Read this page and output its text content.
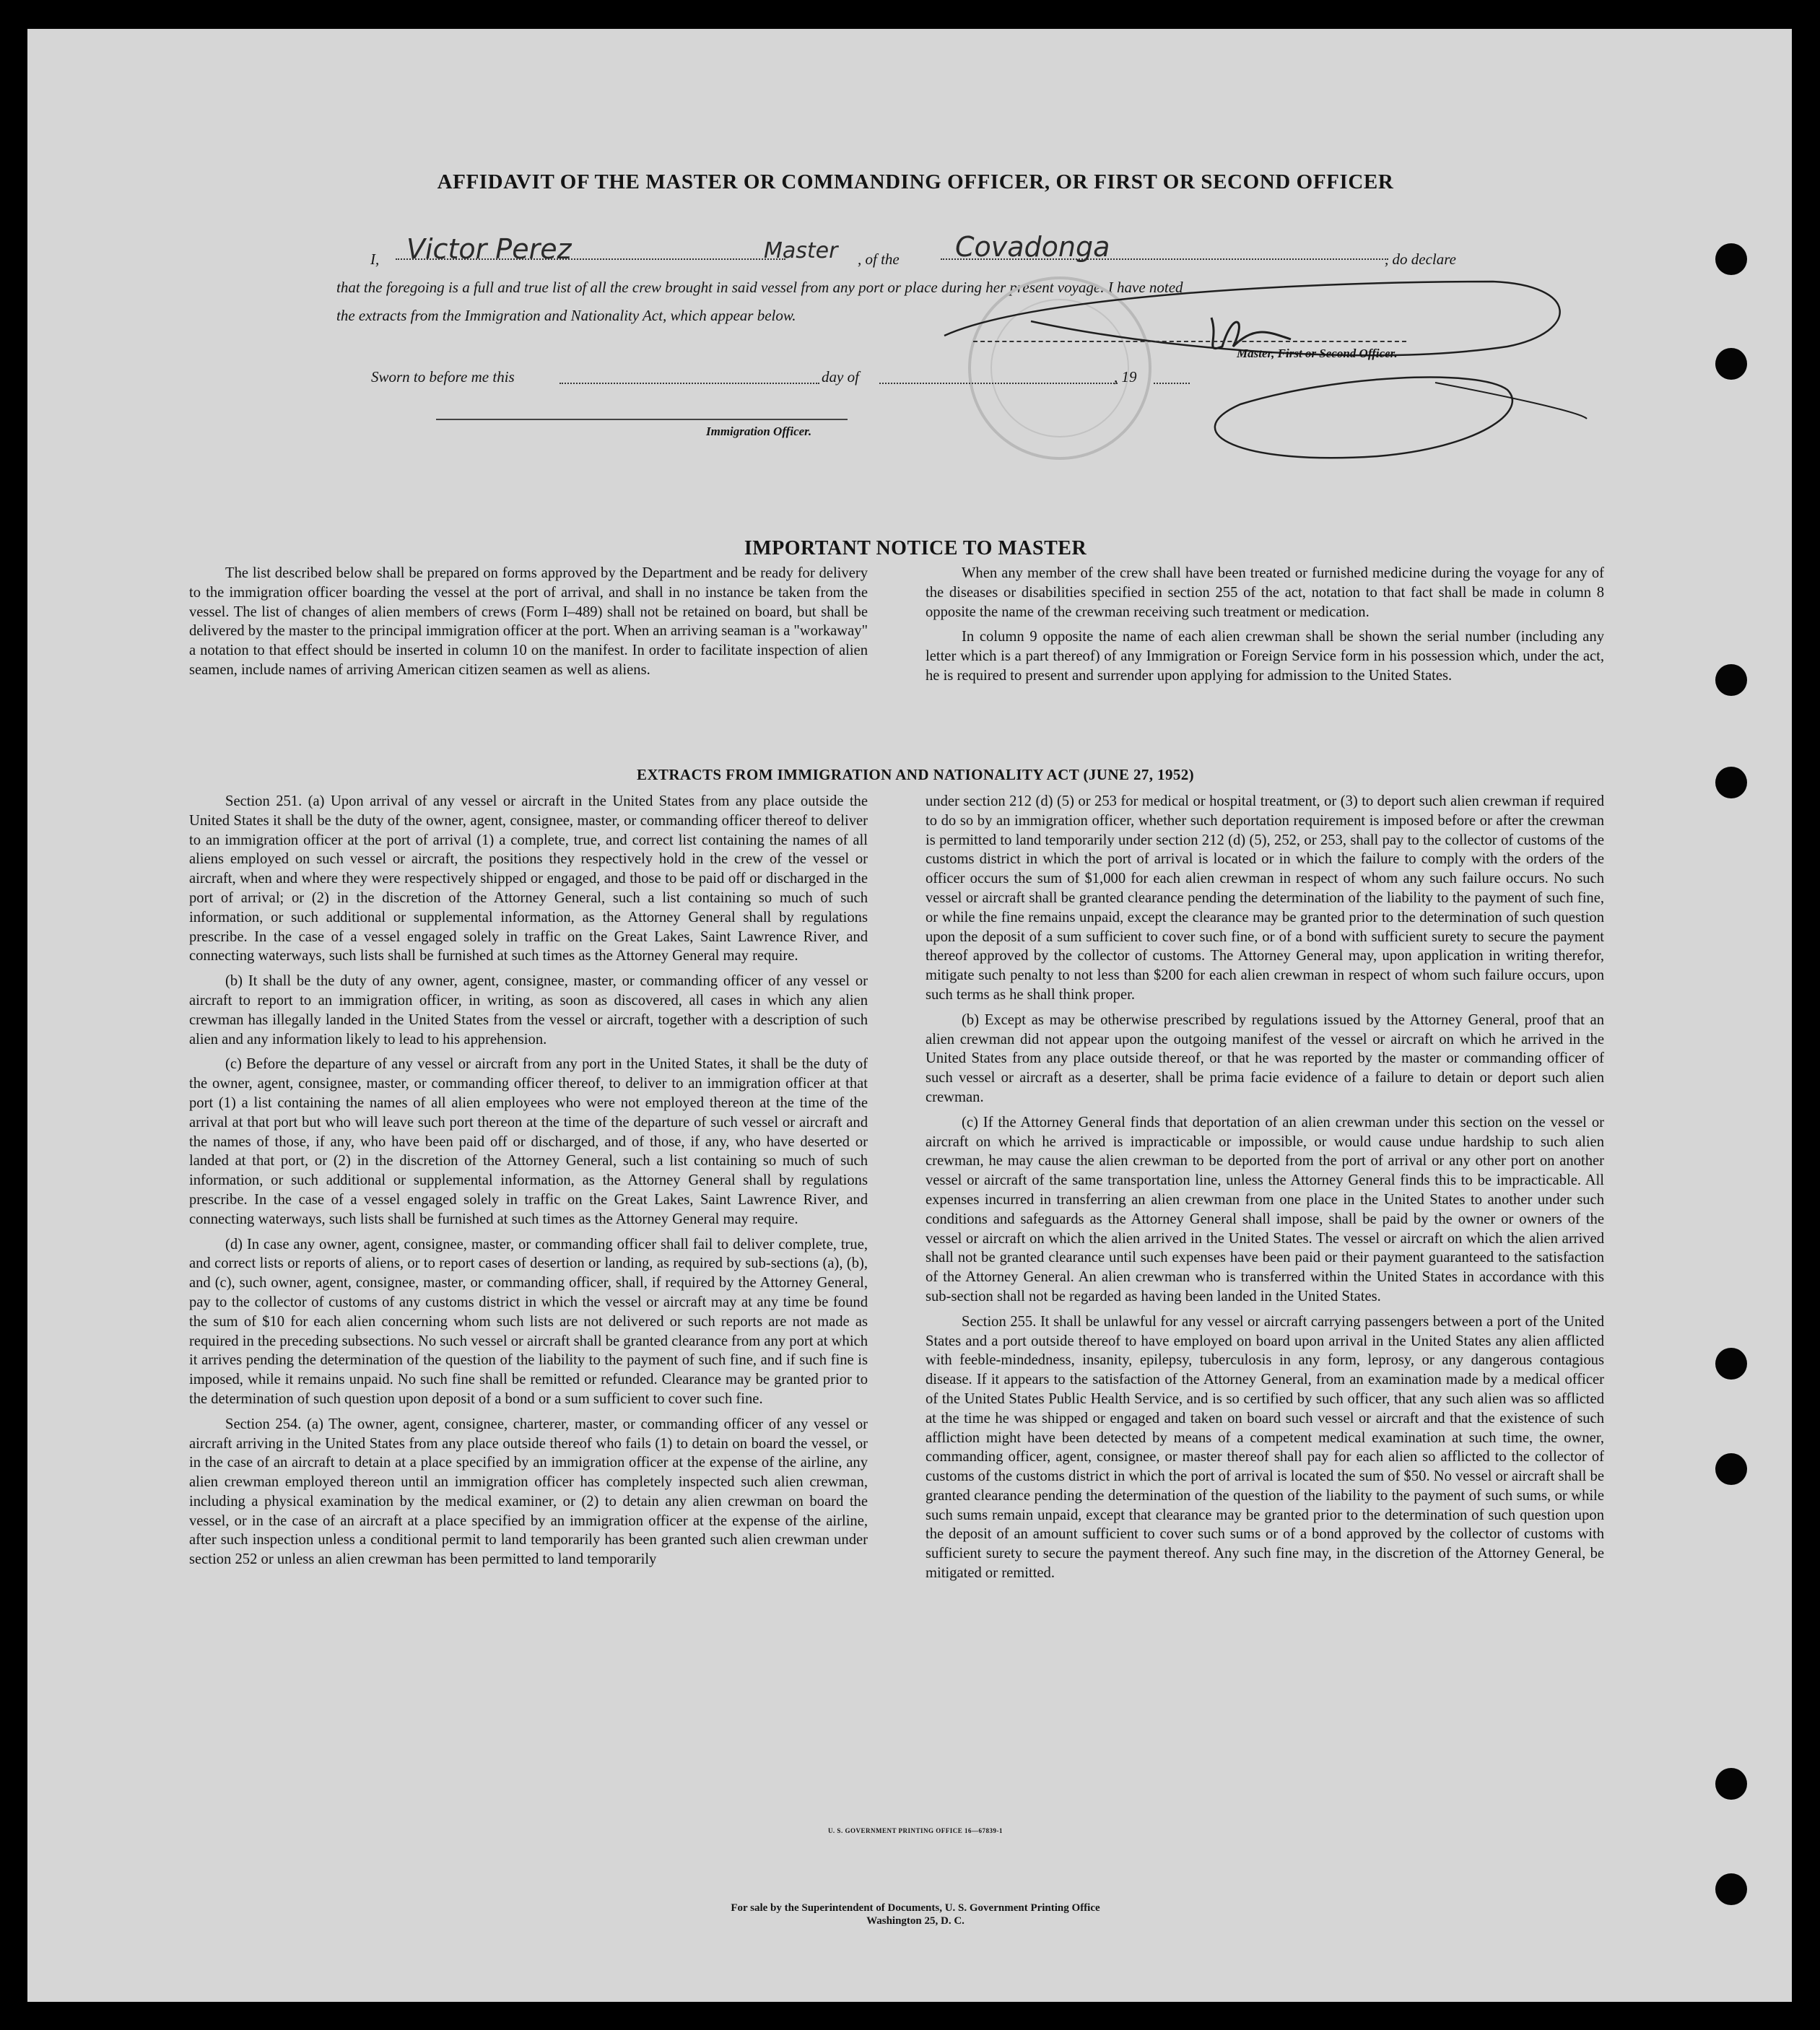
AFFIDAVIT OF THE MASTER OR COMMANDING OFFICER, OR FIRST OR SECOND OFFICER
I, Victor Perez	Master , of the Covadonga	, do declare
that the foregoing is a full and true list of all the crew brought in said vessel from any port or place during her present voyage. I have noted
the extracts from the Immigration and Nationality Act, which appear below.
Master, First or Second Officer.
Sworn to before me this	day of	, 19
Immigration Officer.
IMPORTANT NOTICE TO MASTER

The list described below shall be prepared on forms approved by the Department and be ready for delivery to the immigration officer boarding the vessel at the port of arrival, and shall in no instance be taken from the vessel. The list of changes of alien members of crews (Form I–489) shall not be retained on board, but shall be delivered by the master to the principal immigration officer at the port. When an arriving seaman is a "workaway" a notation to that effect should be inserted in column 10 on the manifest. In order to facilitate inspection of alien seamen, include names of arriving American citizen seamen as well as aliens.

When any member of the crew shall have been treated or furnished medicine during the voyage for any of the diseases or disabilities specified in section 255 of the act, notation to that fact shall be made in column 8 opposite the name of the crewman receiving such treatment or medication.

In column 9 opposite the name of each alien crewman shall be shown the serial number (including any letter which is a part thereof) of any Immigration or Foreign Service form in his possession which, under the act, he is required to present and surrender upon applying for admission to the United States.

EXTRACTS FROM IMMIGRATION AND NATIONALITY ACT (JUNE 27, 1952)

Section 251. (a) Upon arrival of any vessel or aircraft in the United States from any place outside the United States it shall be the duty of the owner, agent, consignee, master, or commanding officer thereof to deliver to an immigration officer at the port of arrival (1) a complete, true, and correct list containing the names of all aliens employed on such vessel or aircraft, the positions they respectively hold in the crew of the vessel or aircraft, when and where they were respectively shipped or engaged, and those to be paid off or discharged in the port of arrival; or (2) in the discretion of the Attorney General, such a list containing so much of such information, or such additional or supplemental information, as the Attorney General shall by regulations prescribe. In the case of a vessel engaged solely in traffic on the Great Lakes, Saint Lawrence River, and connecting waterways, such lists shall be furnished at such times as the Attorney General may require.

(b) It shall be the duty of any owner, agent, consignee, master, or commanding officer of any vessel or aircraft to report to an immigration officer, in writing, as soon as discovered, all cases in which any alien crewman has illegally landed in the United States from the vessel or aircraft, together with a description of such alien and any information likely to lead to his apprehension.

(c) Before the departure of any vessel or aircraft from any port in the United States, it shall be the duty of the owner, agent, consignee, master, or commanding officer thereof, to deliver to an immigration officer at that port (1) a list containing the names of all alien employees who were not employed thereon at the time of the arrival at that port but who will leave such port thereon at the time of the departure of such vessel or aircraft and the names of those, if any, who have been paid off or discharged, and of those, if any, who have deserted or landed at that port, or (2) in the discretion of the Attorney General, such a list containing so much of such information, or such additional or supplemental information, as the Attorney General shall by regulations prescribe. In the case of a vessel engaged solely in traffic on the Great Lakes, Saint Lawrence River, and connecting waterways, such lists shall be furnished at such times as the Attorney General may require.

(d) In case any owner, agent, consignee, master, or commanding officer shall fail to deliver complete, true, and correct lists or reports of aliens, or to report cases of desertion or landing, as required by sub-sections (a), (b), and (c), such owner, agent, consignee, master, or commanding officer, shall, if required by the Attorney General, pay to the collector of customs of any customs district in which the vessel or aircraft may at any time be found the sum of $10 for each alien concerning whom such lists are not delivered or such reports are not made as required in the preceding subsections. No such vessel or aircraft shall be granted clearance from any port at which it arrives pending the determination of the question of the liability to the payment of such fine, and if such fine is imposed, while it remains unpaid. No such fine shall be remitted or refunded. Clearance may be granted prior to the determination of such question upon deposit of a bond or a sum sufficient to cover such fine.

Section 254. (a) The owner, agent, consignee, charterer, master, or commanding officer of any vessel or aircraft arriving in the United States from any place outside thereof who fails (1) to detain on board the vessel, or in the case of an aircraft to detain at a place specified by an immigration officer at the expense of the airline, any alien crewman employed thereon until an immigration officer has completely inspected such alien crewman, including a physical examination by the medical examiner, or (2) to detain any alien crewman on board the vessel, or in the case of an aircraft at a place specified by an immigration officer at the expense of the airline, after such inspection unless a conditional permit to land temporarily has been granted such alien crewman under section 252 or unless an alien crewman has been permitted to land temporarily

under section 212 (d) (5) or 253 for medical or hospital treatment, or (3) to deport such alien crewman if required to do so by an immigration officer, whether such deportation requirement is imposed before or after the crewman is permitted to land temporarily under section 212 (d) (5), 252, or 253, shall pay to the collector of customs of the customs district in which the port of arrival is located or in which the failure to comply with the orders of the officer occurs the sum of $1,000 for each alien crewman in respect of whom any such failure occurs. No such vessel or aircraft shall be granted clearance pending the determination of the liability to the payment of such fine, or while the fine remains unpaid, except the clearance may be granted prior to the determination of such question upon the deposit of a sum sufficient to cover such fine, or of a bond with sufficient surety to secure the payment thereof approved by the collector of customs. The Attorney General may, upon application in writing therefor, mitigate such penalty to not less than $200 for each alien crewman in respect of whom such failure occurs, upon such terms as he shall think proper.

(b) Except as may be otherwise prescribed by regulations issued by the Attorney General, proof that an alien crewman did not appear upon the outgoing manifest of the vessel or aircraft on which he arrived in the United States from any place outside thereof, or that he was reported by the master or commanding officer of such vessel or aircraft as a deserter, shall be prima facie evidence of a failure to detain or deport such alien crewman.

(c) If the Attorney General finds that deportation of an alien crewman under this section on the vessel or aircraft on which he arrived is impracticable or impossible, or would cause undue hardship to such alien crewman, he may cause the alien crewman to be deported from the port of arrival or any other port on another vessel or aircraft of the same transportation line, unless the Attorney General finds this to be impracticable. All expenses incurred in transferring an alien crewman from one place in the United States to another under such conditions and safeguards as the Attorney General shall impose, shall be paid by the owner or owners of the vessel or aircraft on which the alien arrived in the United States. The vessel or aircraft on which the alien arrived shall not be granted clearance until such expenses have been paid or their payment guaranteed to the satisfaction of the Attorney General. An alien crewman who is transferred within the United States in accordance with this sub-section shall not be regarded as having been landed in the United States.

Section 255. It shall be unlawful for any vessel or aircraft carrying passengers between a port of the United States and a port outside thereof to have employed on board upon arrival in the United States any alien afflicted with feeble-mindedness, insanity, epilepsy, tuberculosis in any form, leprosy, or any dangerous contagious disease. If it appears to the satisfaction of the Attorney General, from an examination made by a medical officer of the United States Public Health Service, and is so certified by such officer, that any such alien was so afflicted at the time he was shipped or engaged and taken on board such vessel or aircraft and that the existence of such affliction might have been detected by means of a competent medical examination at such time, the owner, commanding officer, agent, consignee, or master thereof shall pay for each alien so afflicted to the collector of customs of the customs district in which the port of arrival is located the sum of $50. No vessel or aircraft shall be granted clearance pending the determination of the question of the liability to the payment of such sums, or while such sums remain unpaid, except that clearance may be granted prior to the determination of such question upon the deposit of an amount sufficient to cover such sums or of a bond approved by the collector of customs with sufficient surety to secure the payment thereof. Any such fine may, in the discretion of the Attorney General, be mitigated or remitted.

U. S. GOVERNMENT PRINTING OFFICE 16—67839-1
For sale by the Superintendent of Documents, U. S. Government Printing Office
Washington 25, D. C.
